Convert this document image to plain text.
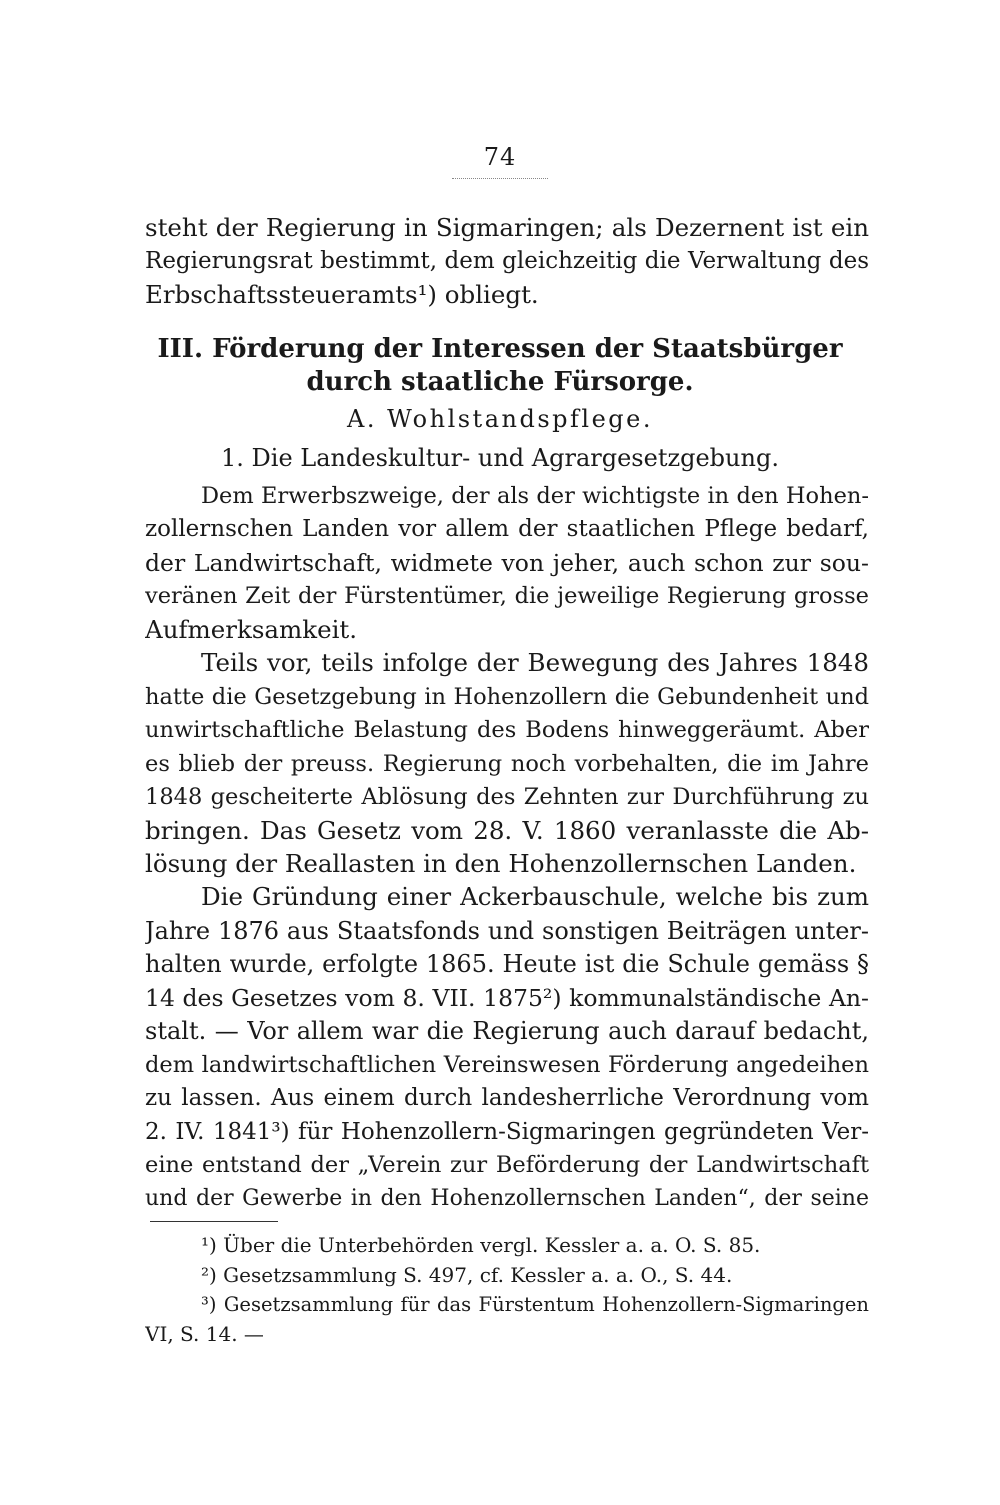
74
steht der Regierung in Sigmaringen; als Dezernent ist ein
Regierungsrat bestimmt, dem gleichzeitig die Verwaltung des
Erbschaftssteueramts¹) obliegt.
III. Förderung der Interessen der Staatsbürger
durch staatliche Fürsorge.
A. Wohlstandspflege.
1. Die Landeskultur- und Agrargesetzgebung.
Dem Erwerbszweige, der als der wichtigste in den Hohen-
zollernschen Landen vor allem der staatlichen Pflege bedarf,
der Landwirtschaft, widmete von jeher, auch schon zur sou-
veränen Zeit der Fürstentümer, die jeweilige Regierung grosse
Aufmerksamkeit.
Teils vor, teils infolge der Bewegung des Jahres 1848
hatte die Gesetzgebung in Hohenzollern die Gebundenheit und
unwirtschaftliche Belastung des Bodens hinweggeräumt. Aber
es blieb der preuss. Regierung noch vorbehalten, die im Jahre
1848 gescheiterte Ablösung des Zehnten zur Durchführung zu
bringen. Das Gesetz vom 28. V. 1860 veranlasste die Ab-
lösung der Reallasten in den Hohenzollernschen Landen.
Die Gründung einer Ackerbauschule, welche bis zum
Jahre 1876 aus Staatsfonds und sonstigen Beiträgen unter-
halten wurde, erfolgte 1865. Heute ist die Schule gemäss §
14 des Gesetzes vom 8. VII. 1875²) kommunalständische An-
stalt. — Vor allem war die Regierung auch darauf bedacht,
dem landwirtschaftlichen Vereinswesen Förderung angedeihen
zu lassen. Aus einem durch landesherrliche Verordnung vom
2. IV. 1841³) für Hohenzollern-Sigmaringen gegründeten Ver-
eine entstand der „Verein zur Beförderung der Landwirtschaft
und der Gewerbe in den Hohenzollernschen Landen“, der seine
¹) Über die Unterbehörden vergl. Kessler a. a. O. S. 85.
²) Gesetzsammlung S. 497, cf. Kessler a. a. O., S. 44.
³) Gesetzsammlung für das Fürstentum Hohenzollern-Sigmaringen
VI, S. 14. —
